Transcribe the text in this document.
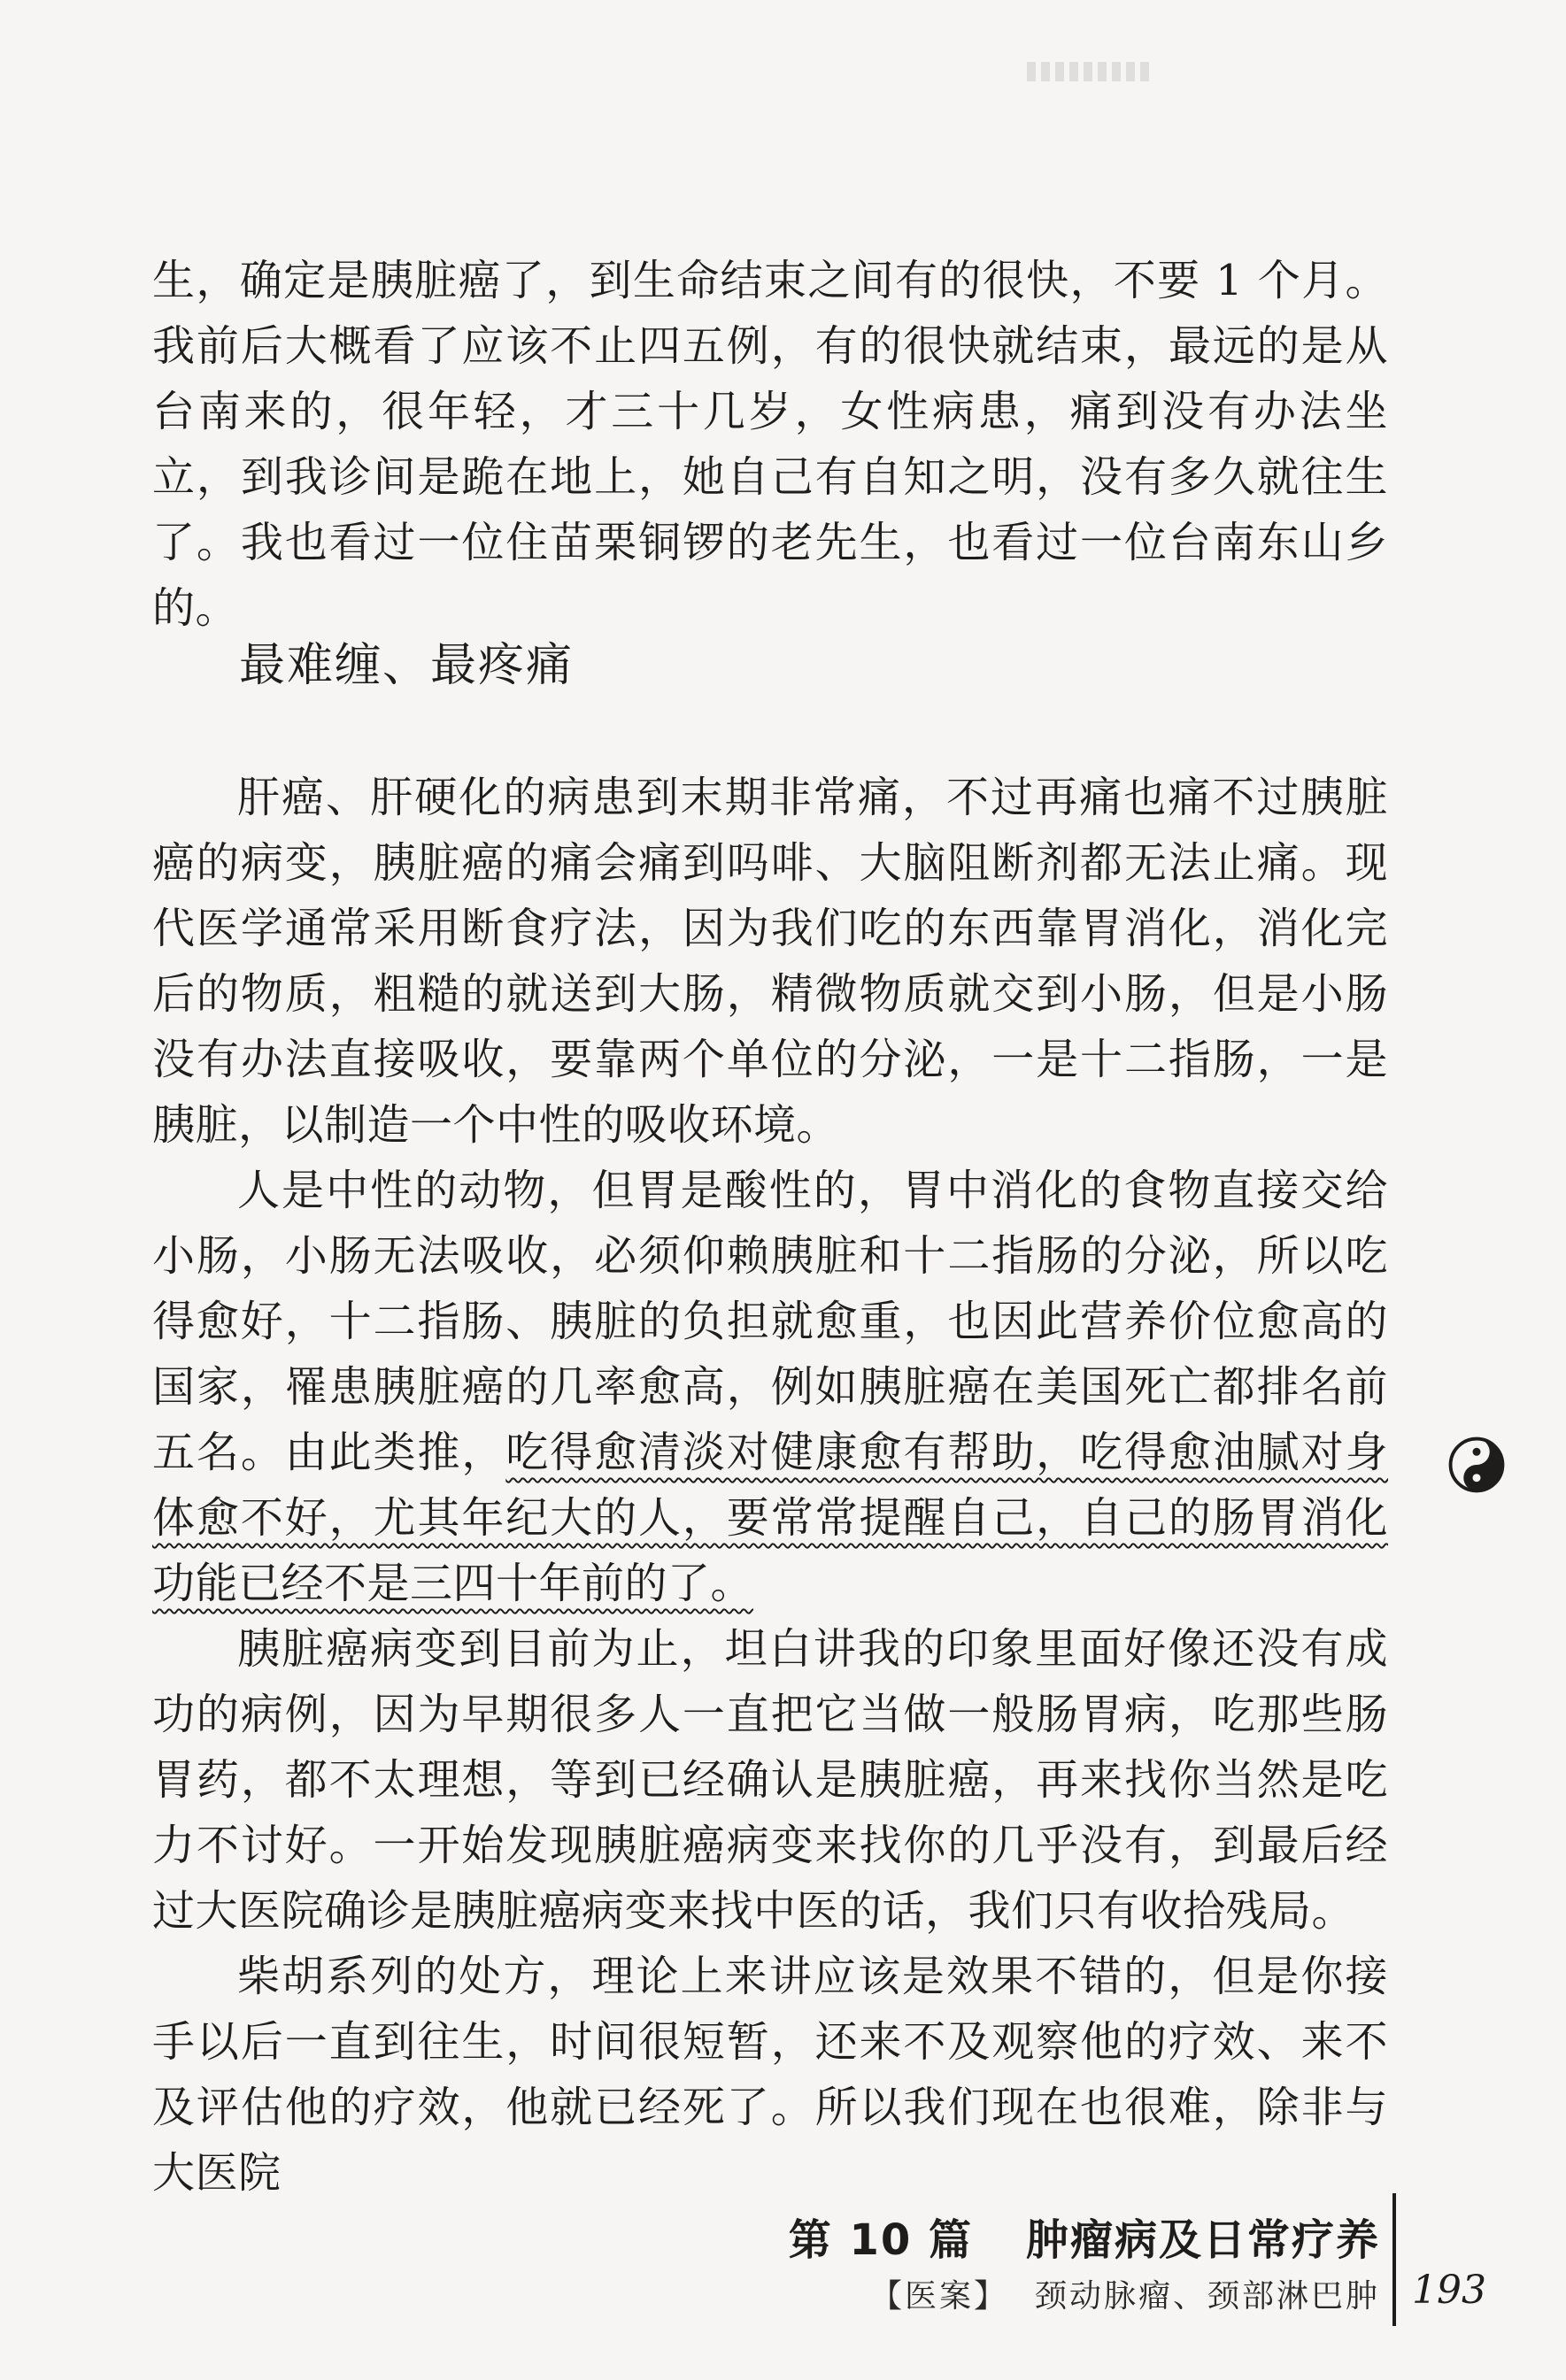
生，确定是胰脏癌了，到生命结束之间有的很快，不要 1 个月。我前后大概看了应该不止四五例，有的很快就结束，最远的是从台南来的，很年轻，才三十几岁，女性病患，痛到没有办法坐立，到我诊间是跪在地上，她自己有自知之明，没有多久就往生了。我也看过一位住苗栗铜锣的老先生，也看过一位台南东山乡的。

最难缠、最疼痛

肝癌、肝硬化的病患到末期非常痛，不过再痛也痛不过胰脏癌的病变，胰脏癌的痛会痛到吗啡、大脑阻断剂都无法止痛。现代医学通常采用断食疗法，因为我们吃的东西靠胃消化，消化完后的物质，粗糙的就送到大肠，精微物质就交到小肠，但是小肠没有办法直接吸收，要靠两个单位的分泌，一是十二指肠，一是胰脏，以制造一个中性的吸收环境。

人是中性的动物，但胃是酸性的，胃中消化的食物直接交给小肠，小肠无法吸收，必须仰赖胰脏和十二指肠的分泌，所以吃得愈好，十二指肠、胰脏的负担就愈重，也因此营养价位愈高的国家，罹患胰脏癌的几率愈高，例如胰脏癌在美国死亡都排名前五名。由此类推，吃得愈清淡对健康愈有帮助，吃得愈油腻对身体愈不好，尤其年纪大的人，要常常提醒自己，自己的肠胃消化功能已经不是三四十年前的了。

胰脏癌病变到目前为止，坦白讲我的印象里面好像还没有成功的病例，因为早期很多人一直把它当做一般肠胃病，吃那些肠胃药，都不太理想，等到已经确认是胰脏癌，再来找你当然是吃力不讨好。一开始发现胰脏癌病变来找你的几乎没有，到最后经过大医院确诊是胰脏癌病变来找中医的话，我们只有收拾残局。

柴胡系列的处方，理论上来讲应该是效果不错的，但是你接手以后一直到往生，时间很短暂，还来不及观察他的疗效、来不及评估他的疗效，他就已经死了。所以我们现在也很难，除非与大医院

第 10 篇 肿瘤病及日常疗养
【医案】 颈动脉瘤、颈部淋巴肿 193
